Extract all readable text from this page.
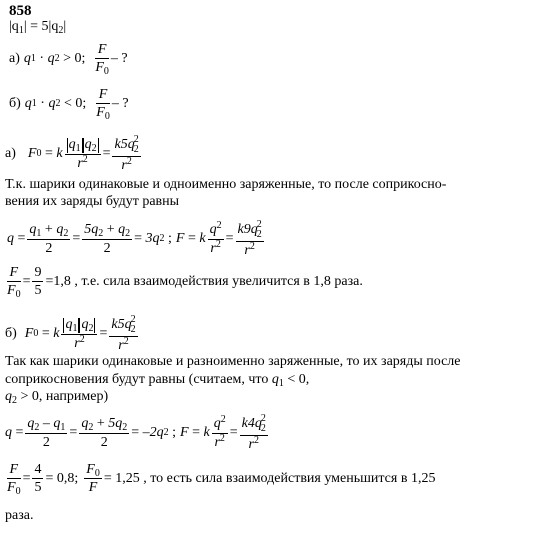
858
$|q_1| = 5|q_2|$
а) q 1 · q 2
> 0; $\frac{F}{F_0}$ – ?
б) q 1 · q 2
< 0; $\frac{F}{F_0}$ – ?
а) F 0 = k $\frac{q_1 q_2}{r^2} = k5q$ 2
2
$r^2$
Т.к. шарики одинаковые и одноименно заряженные, то после соприкосно-
вения их заряды будут равны
$q = \frac{q_1 + q_2}{2} = \frac{5q_2 + q_2}{2} = 3q$ 2 ; F = k $\frac{q^2}{r^2} = k9q$ 2
2
$r^2$
$\frac{F}{F_0} = \frac{9}{5} = 1,8$
, т.е. сила взаимодействия увеличится в 1,8 раза.
б) F 0 = k $\frac{q_1 q_2}{r^2} = k5q$ 2
2
$r^2$
Так как шарики одинаковые и разноименно заряженные, то их заряды после
соприкосновения будут равны (считаем, что $q_1 < 0$,
$q_2 > 0$, например)
$q = \frac{q_2 - q_1}{2} = \frac{q_2 + 5q_2}{2} = -2q$ 2 ; F = k $\frac{q^2}{r^2} = k4q$ 2
2
$r^2$
$\frac{F}{F_0} = \frac{4}{5} = 0,8$; $\frac{F_0}{F} = 1,25$
, то есть сила взаимодействия уменьшится в 1,25
раза.
